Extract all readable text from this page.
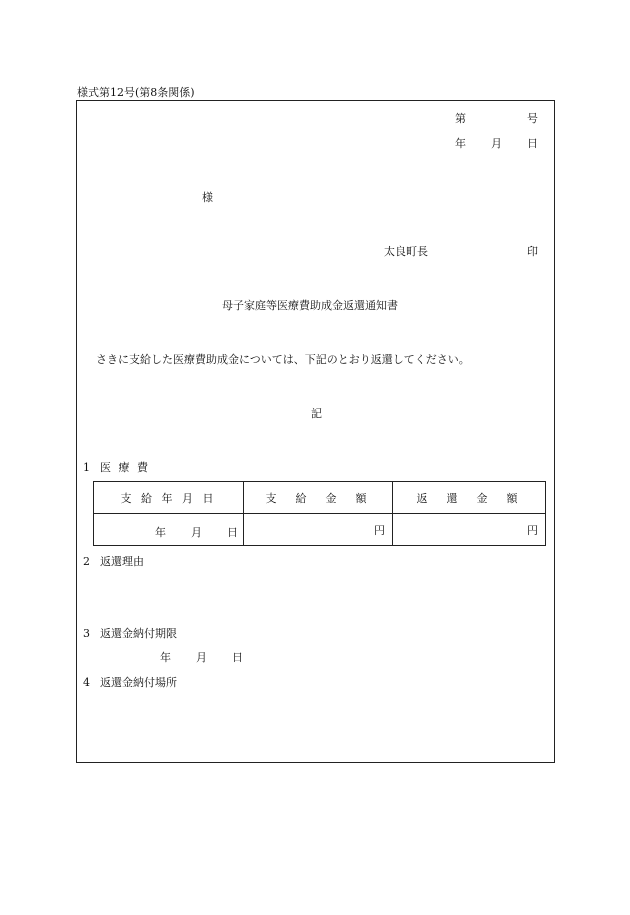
様式第12号(第8条関係)
第	号
年 月 日
様
太良町長	印
母子家庭等医療費助成金返還通知書
さきに支給した医療費助成金については、下記のとおり返還してください。
記
1 医 療 費
支 給 年 月 日	支　給　金　額	返　還　金　額

年 月 日	円	円
2 返還理由
3 返還金納付期限
年 月 日
4 返還金納付場所
